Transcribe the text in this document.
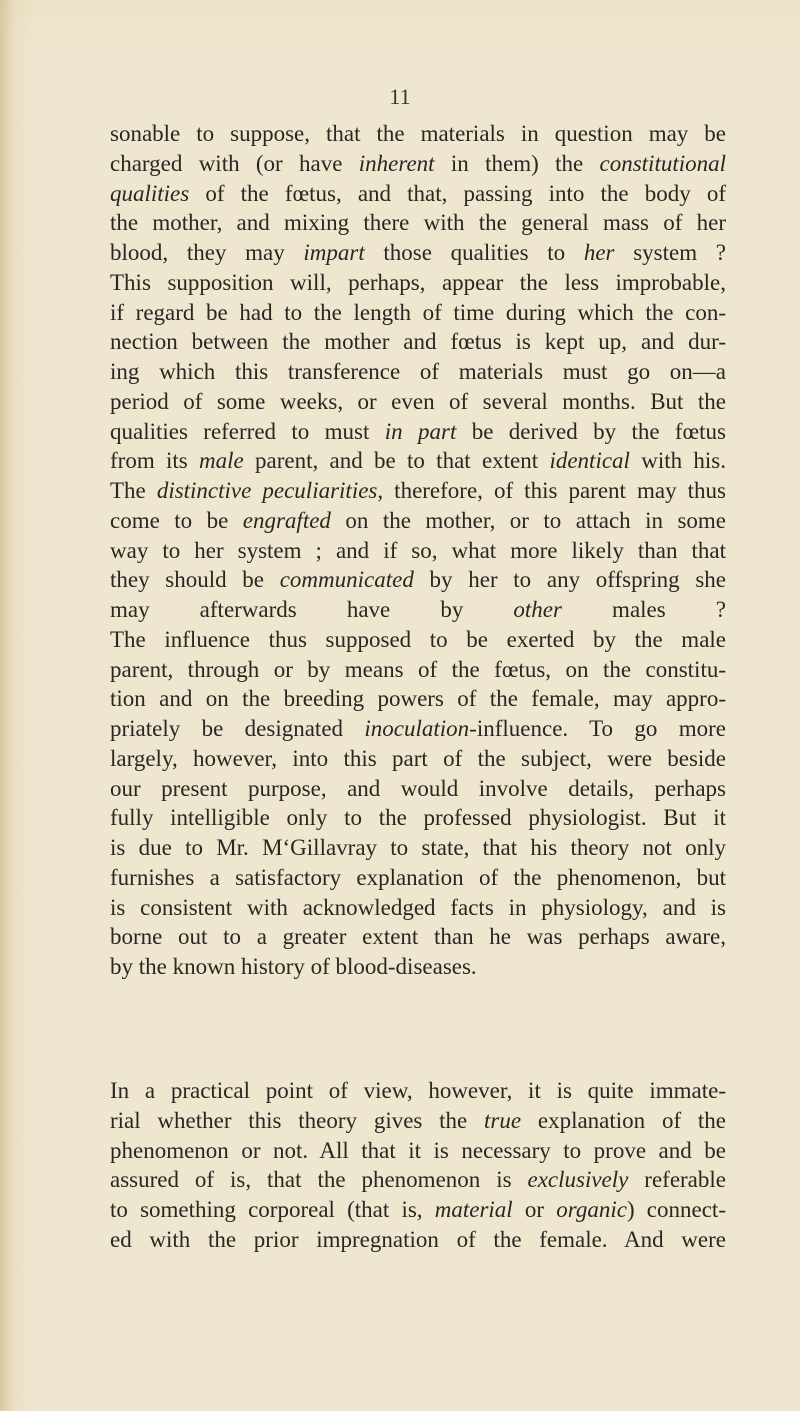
11
sonable to suppose, that the materials in question may be
charged with (or have inherent in them) the constitutional
qualities of the fœtus, and that, passing into the body of
the mother, and mixing there with the general mass of her
blood, they may impart those qualities to her system ?
This supposition will, perhaps, appear the less improbable,
if regard be had to the length of time during which the con-
nection between the mother and fœtus is kept up, and dur-
ing which this transference of materials must go on—a
period of some weeks, or even of several months. But the
qualities referred to must in part be derived by the fœtus
from its male parent, and be to that extent identical with his.
The distinctive peculiarities, therefore, of this parent may thus
come to be engrafted on the mother, or to attach in some
way to her system ; and if so, what more likely than that
they should be communicated by her to any offspring she
may afterwards have by other males ?
The influence thus supposed to be exerted by the male
parent, through or by means of the fœtus, on the constitu-
tion and on the breeding powers of the female, may appro-
priately be designated inoculation-influence. To go more
largely, however, into this part of the subject, were beside
our present purpose, and would involve details, perhaps
fully intelligible only to the professed physiologist. But it
is due to Mr. M‘Gillavray to state, that his theory not only
furnishes a satisfactory explanation of the phenomenon, but
is consistent with acknowledged facts in physiology, and is
borne out to a greater extent than he was perhaps aware,
by the known history of blood-diseases.
In a practical point of view, however, it is quite immate-
rial whether this theory gives the true explanation of the
phenomenon or not. All that it is necessary to prove and be
assured of is, that the phenomenon is exclusively referable
to something corporeal (that is, material or organic) connect-
ed with the prior impregnation of the female. And were
